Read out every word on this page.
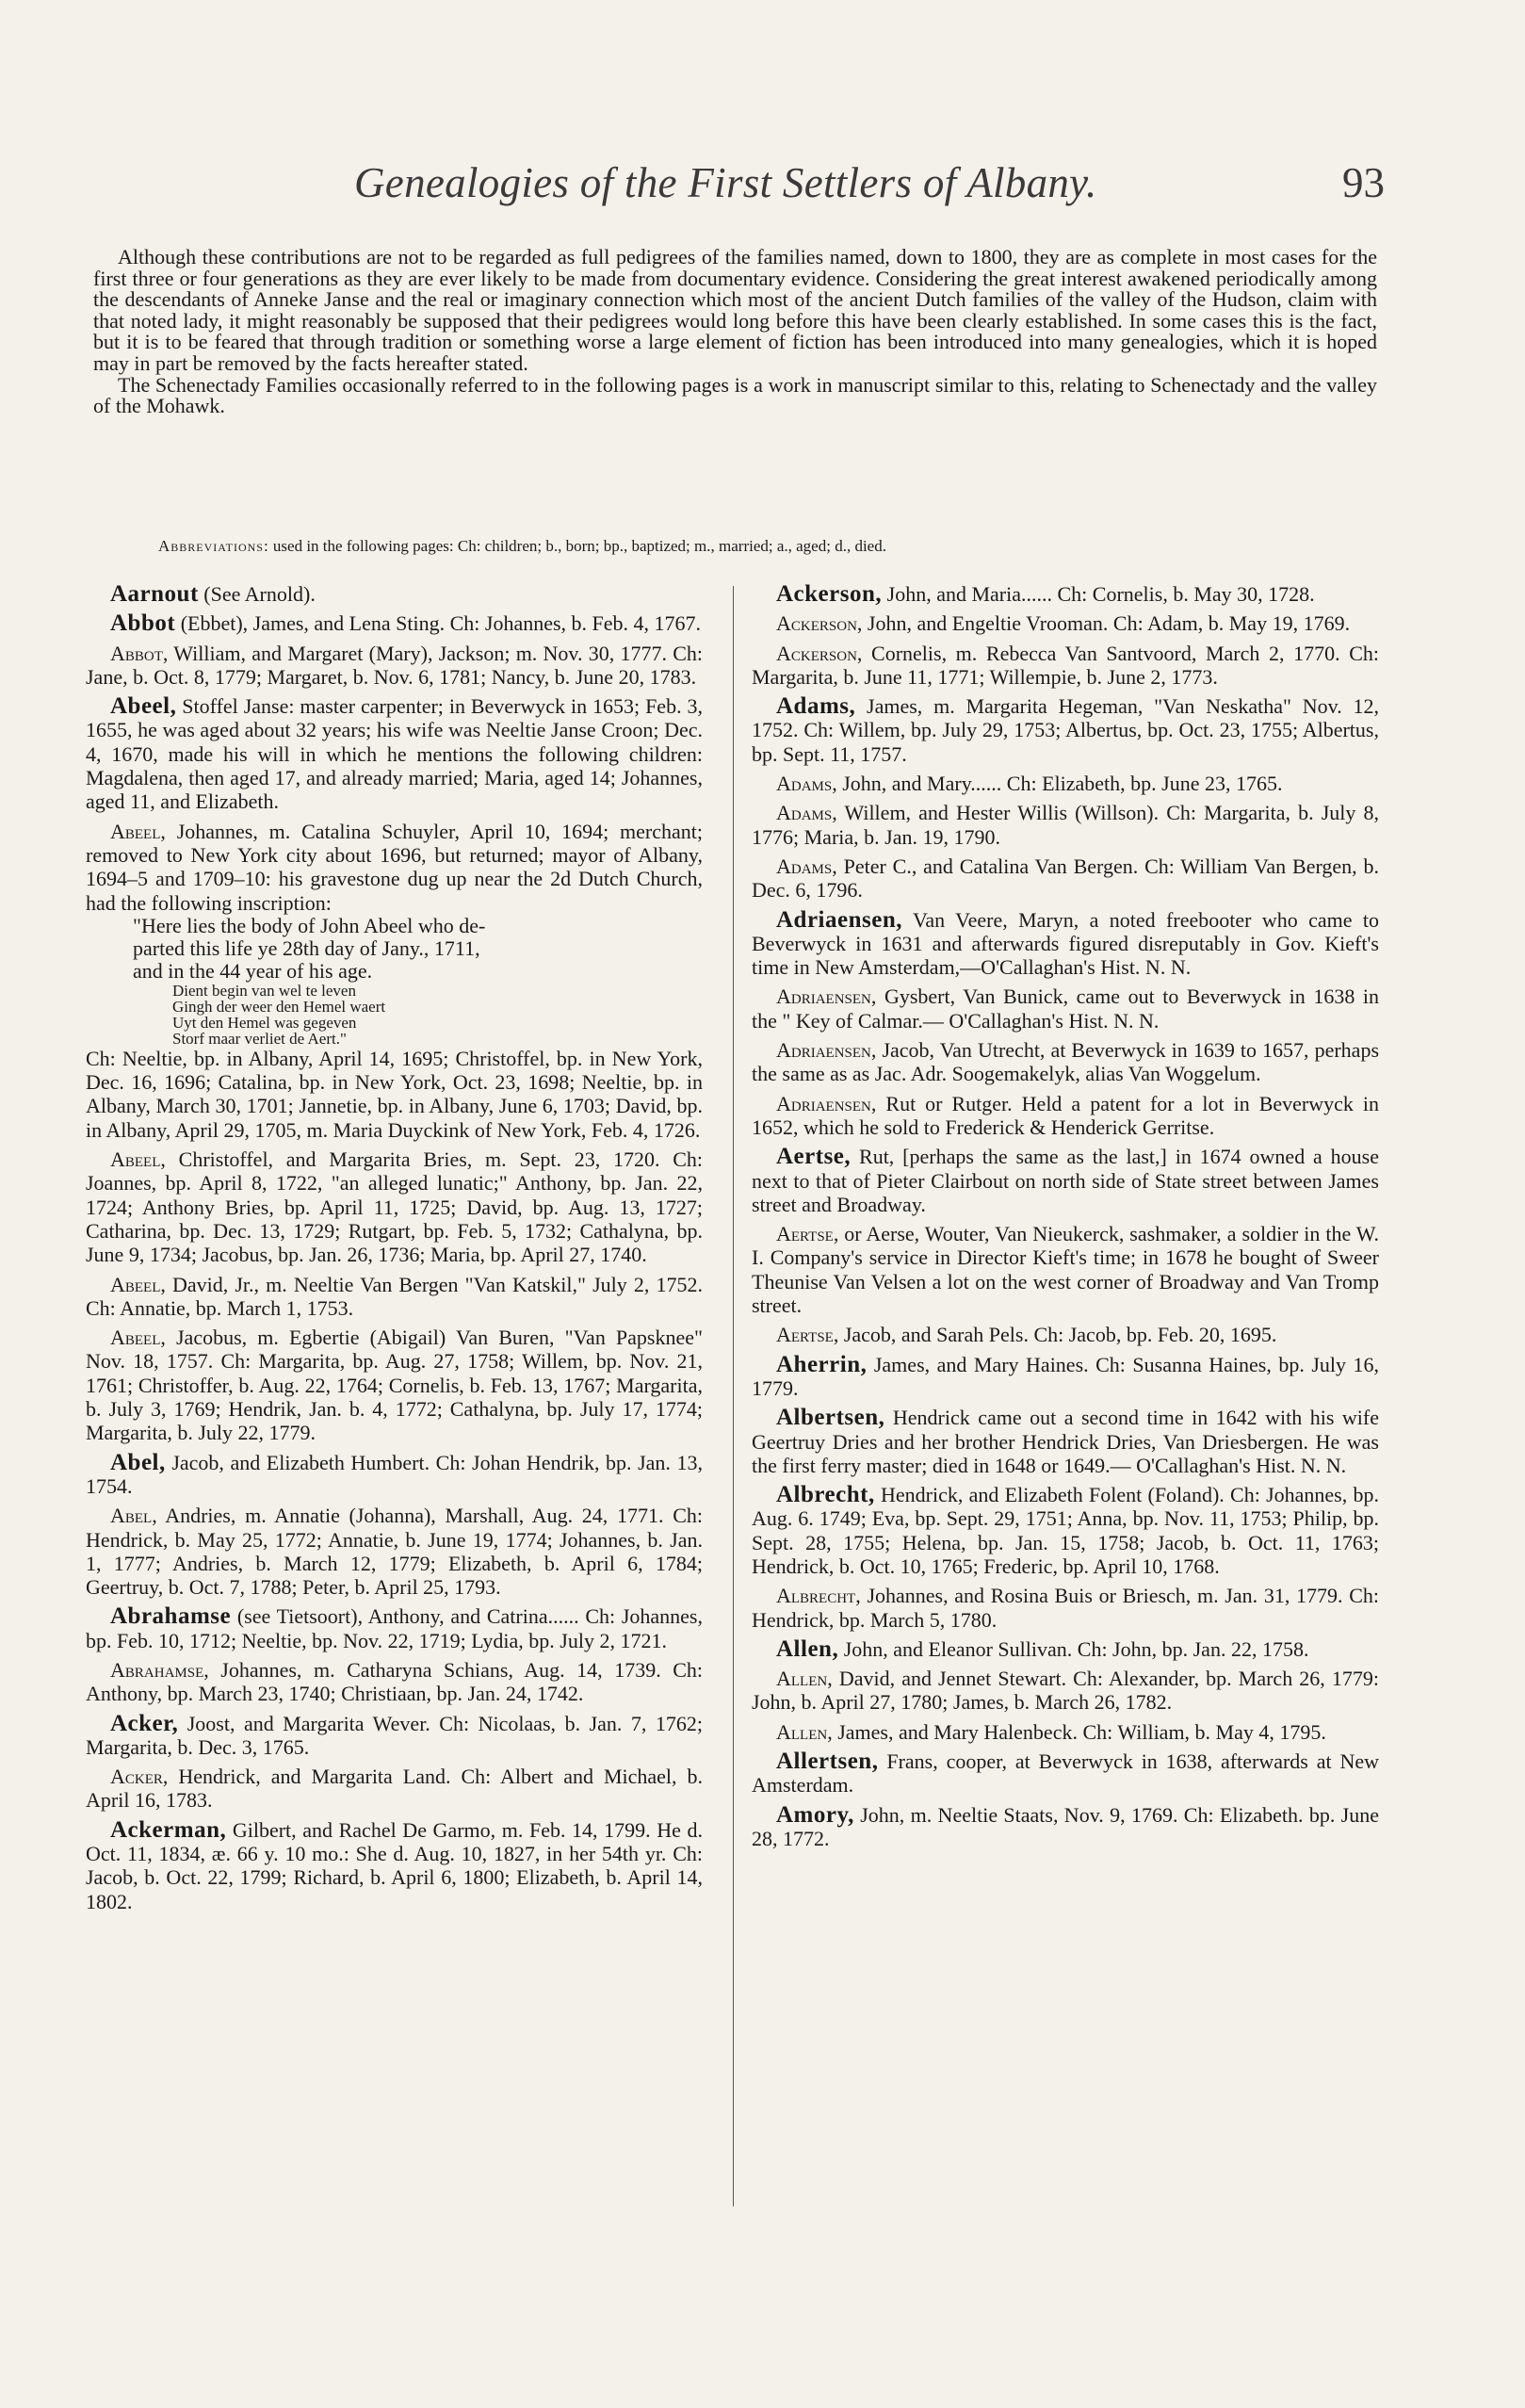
Genealogies of the First Settlers of Albany.	93

Although these contributions are not to be regarded as full pedigrees of the families named, down to 1800, they are as complete in most cases for the first three or four generations as they are ever likely to be made from documentary evidence. Considering the great interest awakened periodically among the descendants of Anneke Janse and the real or imaginary connection which most of the ancient Dutch families of the valley of the Hudson, claim with that noted lady, it might reasonably be supposed that their pedigrees would long before this have been clearly established. In some cases this is the fact, but it is to be feared that through tradition or something worse a large element of fiction has been introduced into many genealogies, which it is hoped may in part be removed by the facts hereafter stated.

The Schenectady Families occasionally referred to in the following pages is a work in manuscript similar to this, relating to Schenectady and the valley of the Mohawk.

Abbreviations: used in the following pages: Ch: children; b., born; bp., baptized; m., married; a., aged; d., died.

Aarnout (See Arnold).

Abbot (Ebbet), James, and Lena Sting. Ch: Johannes, b. Feb. 4, 1767.

Abbot, William, and Margaret (Mary), Jackson; m. Nov. 30, 1777. Ch: Jane, b. Oct. 8, 1779; Margaret, b. Nov. 6, 1781; Nancy, b. June 20, 1783.

Abeel, Stoffel Janse: master carpenter; in Beverwyck in 1653; Feb. 3, 1655, he was aged about 32 years; his wife was Neeltie Janse Croon; Dec. 4, 1670, made his will in which he mentions the following children: Magdalena, then aged 17, and already married; Maria, aged 14; Johannes, aged 11, and Elizabeth.

Abeel, Johannes, m. Catalina Schuyler, April 10, 1694; merchant; removed to New York city about 1696, but returned; mayor of Albany, 1694–5 and 1709–10: his gravestone dug up near the 2d Dutch Church, had the following inscription:

"Here lies the body of John Abeel who de-
parted this life ye 28th day of Jany., 1711,
and in the 44 year of his age.
Dient begin van wel te leven
Gingh der weer den Hemel waert
Uyt den Hemel was gegeven
Storf maar verliet de Aert."

Ch: Neeltie, bp. in Albany, April 14, 1695; Christoffel, bp. in New York, Dec. 16, 1696; Catalina, bp. in New York, Oct. 23, 1698; Neeltie, bp. in Albany, March 30, 1701; Jannetie, bp. in Albany, June 6, 1703; David, bp. in Albany, April 29, 1705, m. Maria Duyckink of New York, Feb. 4, 1726.

Abeel, Christoffel, and Margarita Bries, m. Sept. 23, 1720. Ch: Joannes, bp. April 8, 1722, "an alleged lunatic;" Anthony, bp. Jan. 22, 1724; Anthony Bries, bp. April 11, 1725; David, bp. Aug. 13, 1727; Catharina, bp. Dec. 13, 1729; Rutgart, bp. Feb. 5, 1732; Cathalyna, bp. June 9, 1734; Jacobus, bp. Jan. 26, 1736; Maria, bp. April 27, 1740.

Abeel, David, Jr., m. Neeltie Van Bergen "Van Katskil," July 2, 1752. Ch: Annatie, bp. March 1, 1753.

Abeel, Jacobus, m. Egbertie (Abigail) Van Buren, "Van Papsknee" Nov. 18, 1757. Ch: Margarita, bp. Aug. 27, 1758; Willem, bp. Nov. 21, 1761; Christoffer, b. Aug. 22, 1764; Cornelis, b. Feb. 13, 1767; Margarita, b. July 3, 1769; Hendrik, Jan. b. 4, 1772; Cathalyna, bp. July 17, 1774; Margarita, b. July 22, 1779.

Abel, Jacob, and Elizabeth Humbert. Ch: Johan Hendrik, bp. Jan. 13, 1754.

Abel, Andries, m. Annatie (Johanna), Marshall, Aug. 24, 1771. Ch: Hendrick, b. May 25, 1772; Annatie, b. June 19, 1774; Johannes, b. Jan. 1, 1777; Andries, b. March 12, 1779; Elizabeth, b. April 6, 1784; Geertruy, b. Oct. 7, 1788; Peter, b. April 25, 1793.

Abrahamse (see Tietsoort), Anthony, and Catrina...... Ch: Johannes, bp. Feb. 10, 1712; Neeltie, bp. Nov. 22, 1719; Lydia, bp. July 2, 1721.

Abrahamse, Johannes, m. Catharyna Schians, Aug. 14, 1739. Ch: Anthony, bp. March 23, 1740; Christiaan, bp. Jan. 24, 1742.

Acker, Joost, and Margarita Wever. Ch: Nicolaas, b. Jan. 7, 1762; Margarita, b. Dec. 3, 1765.

Acker, Hendrick, and Margarita Land. Ch: Albert and Michael, b. April 16, 1783.

Ackerman, Gilbert, and Rachel De Garmo, m. Feb. 14, 1799. He d. Oct. 11, 1834, æ. 66 y. 10 mo.: She d. Aug. 10, 1827, in her 54th yr. Ch: Jacob, b. Oct. 22, 1799; Richard, b. April 6, 1800; Elizabeth, b. April 14, 1802.

Ackerson, John, and Maria...... Ch: Cornelis, b. May 30, 1728.

Ackerson, John, and Engeltie Vrooman. Ch: Adam, b. May 19, 1769.

Ackerson, Cornelis, m. Rebecca Van Santvoord, March 2, 1770. Ch: Margarita, b. June 11, 1771; Willempie, b. June 2, 1773.

Adams, James, m. Margarita Hegeman, "Van Neskatha" Nov. 12, 1752. Ch: Willem, bp. July 29, 1753; Albertus, bp. Oct. 23, 1755; Albertus, bp. Sept. 11, 1757.

Adams, John, and Mary...... Ch: Elizabeth, bp. June 23, 1765.

Adams, Willem, and Hester Willis (Willson). Ch: Margarita, b. July 8, 1776; Maria, b. Jan. 19, 1790.

Adams, Peter C., and Catalina Van Bergen. Ch: William Van Bergen, b. Dec. 6, 1796.

Adriaensen, Van Veere, Maryn, a noted freebooter who came to Beverwyck in 1631 and afterwards figured disreputably in Gov. Kieft's time in New Amsterdam,—O'Callaghan's Hist. N. N.

Adriaensen, Gysbert, Van Bunick, came out to Beverwyck in 1638 in the " Key of Calmar.— O'Callaghan's Hist. N. N.

Adriaensen, Jacob, Van Utrecht, at Beverwyck in 1639 to 1657, perhaps the same as as Jac. Adr. Soogemakelyk, alias Van Woggelum.

Adriaensen, Rut or Rutger. Held a patent for a lot in Beverwyck in 1652, which he sold to Frederick & Henderick Gerritse.

Aertse, Rut, [perhaps the same as the last,] in 1674 owned a house next to that of Pieter Clairbout on north side of State street between James street and Broadway.

Aertse, or Aerse, Wouter, Van Nieukerck, sashmaker, a soldier in the W. I. Company's service in Director Kieft's time; in 1678 he bought of Sweer Theunise Van Velsen a lot on the west corner of Broadway and Van Tromp street.

Aertse, Jacob, and Sarah Pels. Ch: Jacob, bp. Feb. 20, 1695.

Aherrin, James, and Mary Haines. Ch: Susanna Haines, bp. July 16, 1779.

Albertsen, Hendrick came out a second time in 1642 with his wife Geertruy Dries and her brother Hendrick Dries, Van Driesbergen. He was the first ferry master; died in 1648 or 1649.— O'Callaghan's Hist. N. N.

Albrecht, Hendrick, and Elizabeth Folent (Foland). Ch: Johannes, bp. Aug. 6. 1749; Eva, bp. Sept. 29, 1751; Anna, bp. Nov. 11, 1753; Philip, bp. Sept. 28, 1755; Helena, bp. Jan. 15, 1758; Jacob, b. Oct. 11, 1763; Hendrick, b. Oct. 10, 1765; Frederic, bp. April 10, 1768.

Albrecht, Johannes, and Rosina Buis or Briesch, m. Jan. 31, 1779. Ch: Hendrick, bp. March 5, 1780.

Allen, John, and Eleanor Sullivan. Ch: John, bp. Jan. 22, 1758.

Allen, David, and Jennet Stewart. Ch: Alexander, bp. March 26, 1779: John, b. April 27, 1780; James, b. March 26, 1782.

Allen, James, and Mary Halenbeck. Ch: William, b. May 4, 1795.

Allertsen, Frans, cooper, at Beverwyck in 1638, afterwards at New Amsterdam.

Amory, John, m. Neeltie Staats, Nov. 9, 1769. Ch: Elizabeth. bp. June 28, 1772.
